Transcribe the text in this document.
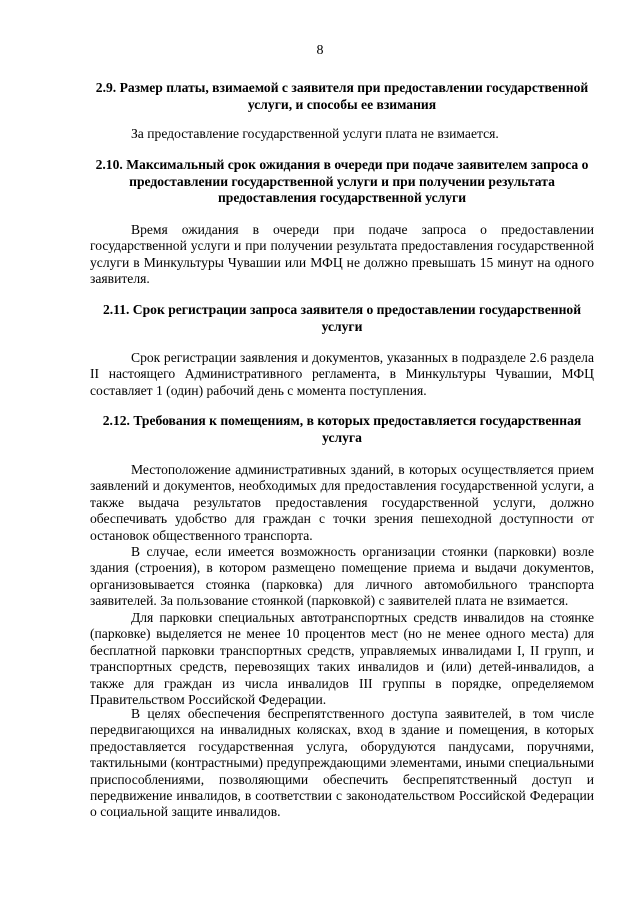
8
2.9. Размер платы, взимаемой с заявителя при предоставлении государственной услуги, и способы ее взимания

За предоставление государственной услуги плата не взимается.

2.10. Максимальный срок ожидания в очереди при подаче заявителем запроса о предоставлении государственной услуги и при получении результата предоставления государственной услуги

Время ожидания в очереди при подаче запроса о предоставлении государственной услуги и при получении результата предоставления государственной услуги в Минкультуры Чувашии или МФЦ не должно превышать 15 минут на одного заявителя.

2.11. Срок регистрации запроса заявителя о предоставлении государственной услуги

Срок регистрации заявления и документов, указанных в подразделе 2.6 раздела II настоящего Административного регламента, в Минкультуры Чувашии, МФЦ составляет 1 (один) рабочий день с момента поступления.

2.12. Требования к помещениям, в которых предоставляется государственная услуга

Местоположение административных зданий, в которых осуществляется прием заявлений и документов, необходимых для предоставления государственной услуги, а также выдача результатов предоставления государственной услуги, должно обеспечивать удобство для граждан с точки зрения пешеходной доступности от остановок общественного транспорта.

В случае, если имеется возможность организации стоянки (парковки) возле здания (строения), в котором размещено помещение приема и выдачи документов, организовывается стоянка (парковка) для личного автомобильного транспорта заявителей. За пользование стоянкой (парковкой) с заявителей плата не взимается.

Для парковки специальных автотранспортных средств инвалидов на стоянке (парковке) выделяется не менее 10 процентов мест (но не менее одного места) для бесплатной парковки транспортных средств, управляемых инвалидами I, II групп, и транспортных средств, перевозящих таких инвалидов и (или) детей-инвалидов, а также для граждан из числа инвалидов III группы в порядке, определяемом Правительством Российской Федерации.

В целях обеспечения беспрепятственного доступа заявителей, в том числе передвигающихся на инвалидных колясках, вход в здание и помещения, в которых предоставляется государственная услуга, оборудуются пандусами, поручнями, тактильными (контрастными) предупреждающими элементами, иными специальными приспособлениями, позволяющими обеспечить беспрепятственный доступ и передвижение инвалидов, в соответствии с законодательством Российской Федерации о социальной защите инвалидов.
